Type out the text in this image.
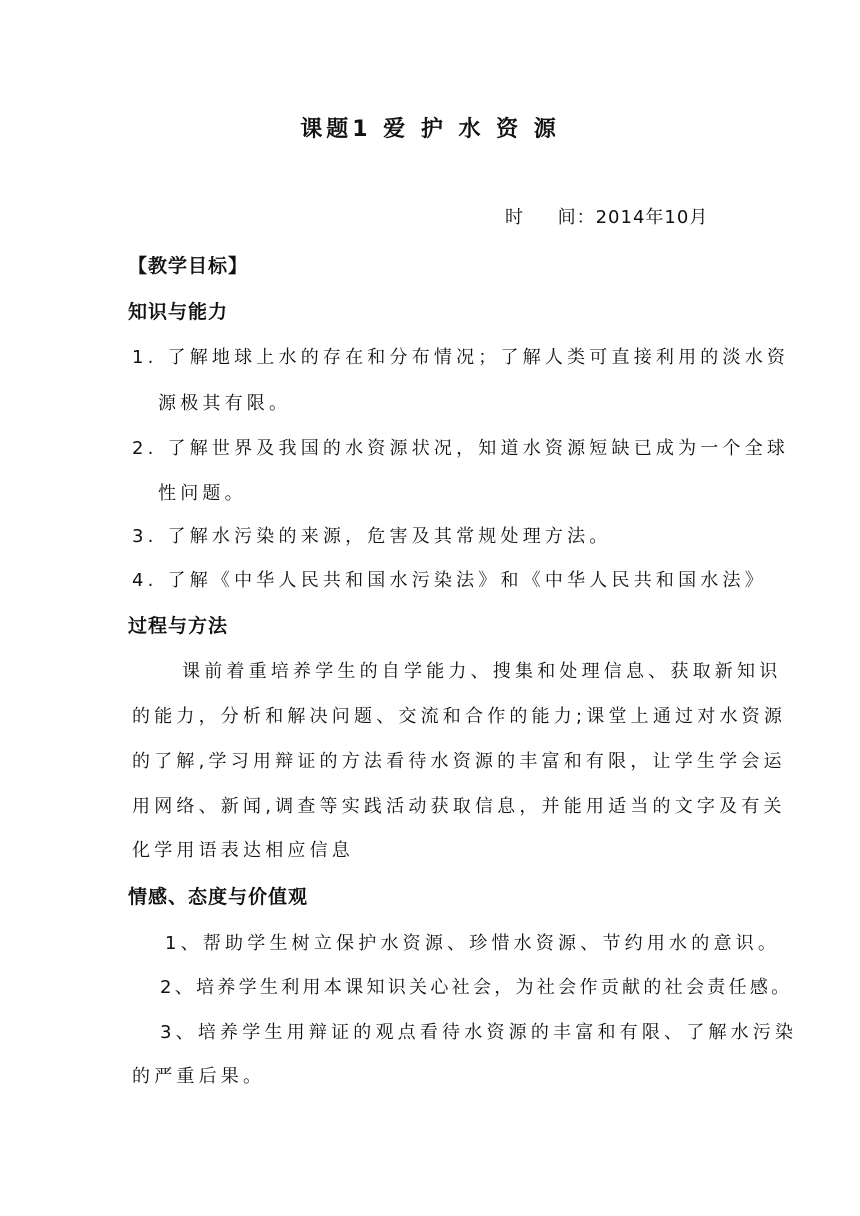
课题1 爱 护 水 资 源
时     间：2014年10月
【教学目标】
知识与能力
1. 了解地球上水的存在和分布情况；了解人类可直接利用的淡水资
源极其有限。
2. 了解世界及我国的水资源状况，知道水资源短缺已成为一个全球
性问题。
3. 了解水污染的来源，危害及其常规处理方法。
4. 了解《中华人民共和国水污染法》和《中华人民共和国水法》
过程与方法
课前着重培养学生的自学能力、搜集和处理信息、获取新知识
的能力，分析和解决问题、交流和合作的能力;课堂上通过对水资源
的了解,学习用辩证的方法看待水资源的丰富和有限，让学生学会运
用网络、新闻,调查等实践活动获取信息，并能用适当的文字及有关
化学用语表达相应信息
情感、态度与价值观
1、帮助学生树立保护水资源、珍惜水资源、节约用水的意识。
2、培养学生利用本课知识关心社会，为社会作贡献的社会责任感。
3、培养学生用辩证的观点看待水资源的丰富和有限、了解水污染
的严重后果。
